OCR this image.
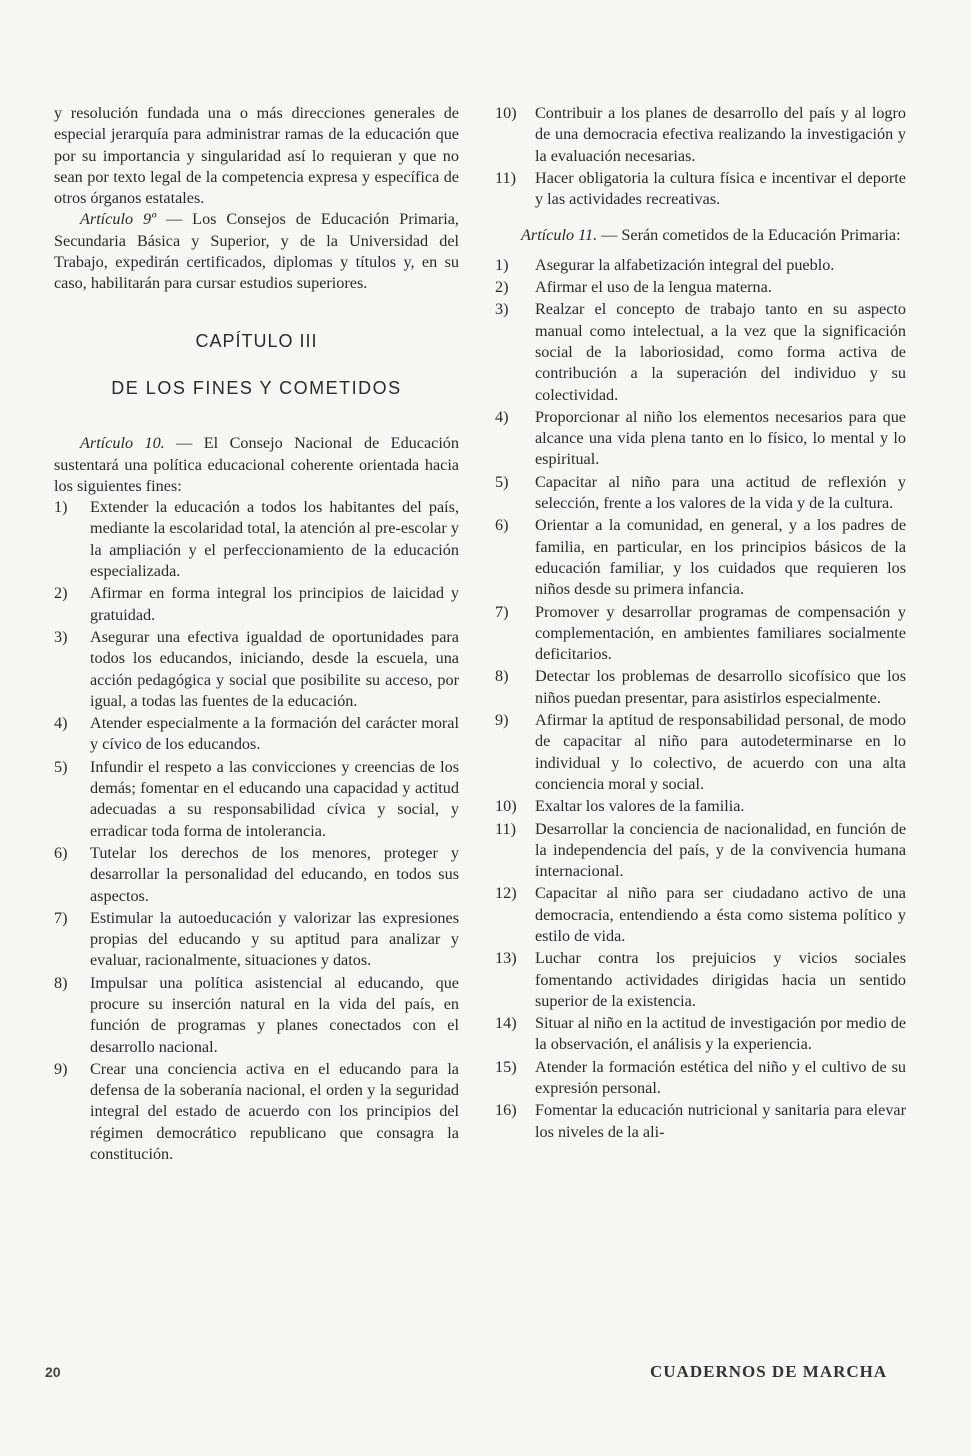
y resolución fundada una o más direcciones generales de especial jerarquía para administrar ramas de la educación que por su importancia y singularidad así lo requieran y que no sean por texto legal de la competencia expresa y específica de otros órganos estatales.
Artículo 9º — Los Consejos de Educación Primaria, Secundaria Básica y Superior, y de la Universidad del Trabajo, expedirán certificados, diplomas y títulos y, en su caso, habilitarán para cursar estudios superiores.
CAPÍTULO III
DE LOS FINES Y COMETIDOS
Artículo 10. — El Consejo Nacional de Educación sustentará una política educacional coherente orientada hacia los siguientes fines:
1)	Extender la educación a todos los habitantes del país, mediante la escolaridad total, la atención al pre-escolar y la ampliación y el perfeccionamiento de la educación especializada.
2)	Afirmar en forma integral los principios de laicidad y gratuidad.
3)	Asegurar una efectiva igualdad de oportunidades para todos los educandos, iniciando, desde la escuela, una acción pedagógica y social que posibilite su acceso, por igual, a todas las fuentes de la educación.
4)	Atender especialmente a la formación del carácter moral y cívico de los educandos.
5)	Infundir el respeto a las convicciones y creencias de los demás; fomentar en el educando una capacidad y actitud adecuadas a su responsabilidad cívica y social, y erradicar toda forma de intolerancia.
6)	Tutelar los derechos de los menores, proteger y desarrollar la personalidad del educando, en todos sus aspectos.
7)	Estimular la autoeducación y valorizar las expresiones propias del educando y su aptitud para analizar y evaluar, racionalmente, situaciones y datos.
8)	Impulsar una política asistencial al educando, que procure su inserción natural en la vida del país, en función de programas y planes conectados con el desarrollo nacional.
9)	Crear una conciencia activa en el educando para la defensa de la soberanía nacional, el orden y la seguridad integral del estado de acuerdo con los principios del régimen democrático republicano que consagra la constitución.
10)	Contribuir a los planes de desarrollo del país y al logro de una democracia efectiva realizando la investigación y la evaluación necesarias.
11)	Hacer obligatoria la cultura física e incentivar el deporte y las actividades recreativas.
Artículo 11. — Serán cometidos de la Educación Primaria:
1)	Asegurar la alfabetización integral del pueblo.
2)	Afirmar el uso de la lengua materna.
3)	Realzar el concepto de trabajo tanto en su aspecto manual como intelectual, a la vez que la significación social de la laboriosidad, como forma activa de contribución a la superación del individuo y su colectividad.
4)	Proporcionar al niño los elementos necesarios para que alcance una vida plena tanto en lo físico, lo mental y lo espiritual.
5)	Capacitar al niño para una actitud de reflexión y selección, frente a los valores de la vida y de la cultura.
6)	Orientar a la comunidad, en general, y a los padres de familia, en particular, en los principios básicos de la educación familiar, y los cuidados que requieren los niños desde su primera infancia.
7)	Promover y desarrollar programas de compensación y complementación, en ambientes familiares socialmente deficitarios.
8)	Detectar los problemas de desarrollo sicofísico que los niños puedan presentar, para asistirlos especialmente.
9)	Afirmar la aptitud de responsabilidad personal, de modo de capacitar al niño para autodeterminarse en lo individual y lo colectivo, de acuerdo con una alta conciencia moral y social.
10)	Exaltar los valores de la familia.
11)	Desarrollar la conciencia de nacionalidad, en función de la independencia del país, y de la convivencia humana internacional.
12)	Capacitar al niño para ser ciudadano activo de una democracia, entendiendo a ésta como sistema político y estilo de vida.
13)	Luchar contra los prejuicios y vicios sociales fomentando actividades dirigidas hacia un sentido superior de la existencia.
14)	Situar al niño en la actitud de investigación por medio de la observación, el análisis y la experiencia.
15)	Atender la formación estética del niño y el cultivo de su expresión personal.
16)	Fomentar la educación nutricional y sanitaria para elevar los niveles de la ali-
20	CUADERNOS DE MARCHA
